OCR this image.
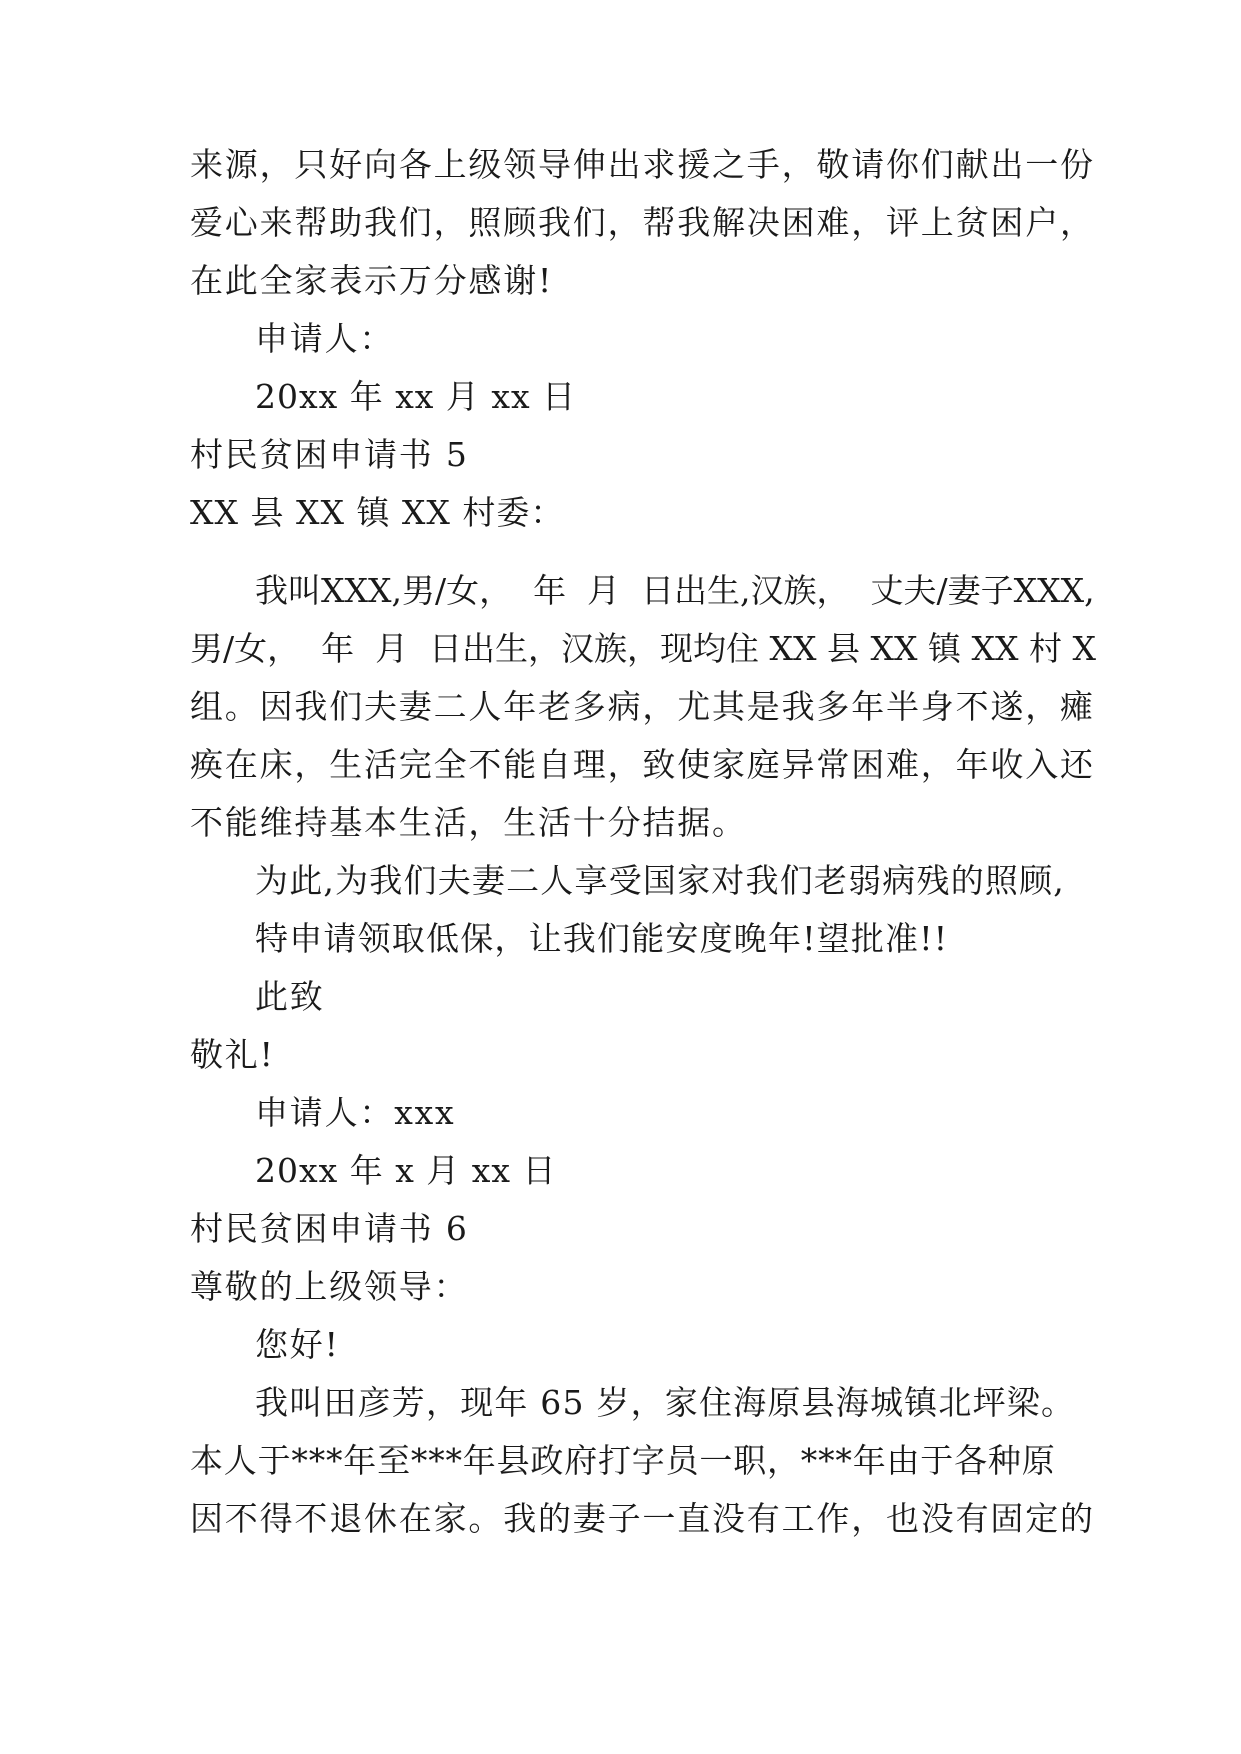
来源，只好向各上级领导伸出求援之手，敬请你们献出一份
爱心来帮助我们，照顾我们，帮我解决困难，评上贫困户，
在此全家表示万分感谢!
申请人：
20xx 年 xx 月 xx 日
村民贫困申请书 5
XX 县 XX 镇 XX 村委：
我叫XXX,男/女，  年  月  日出生,汉族，  丈夫/妻子XXX,
男/女，  年  月  日出生，汉族，现均住 XX 县 XX 镇 XX 村 X
组。因我们夫妻二人年老多病，尤其是我多年半身不遂，瘫
痪在床，生活完全不能自理，致使家庭异常困难，年收入还
不能维持基本生活，生活十分拮据。
为此,为我们夫妻二人享受国家对我们老弱病残的照顾,
特申请领取低保，让我们能安度晚年!望批准!!
此致
敬礼!
申请人：xxx
20xx 年 x 月 xx 日
村民贫困申请书 6
尊敬的上级领导：
您好!
我叫田彦芳，现年 65 岁，家住海原县海城镇北坪梁。
本人于***年至***年县政府打字员一职，***年由于各种原
因不得不退休在家。我的妻子一直没有工作，也没有固定的
